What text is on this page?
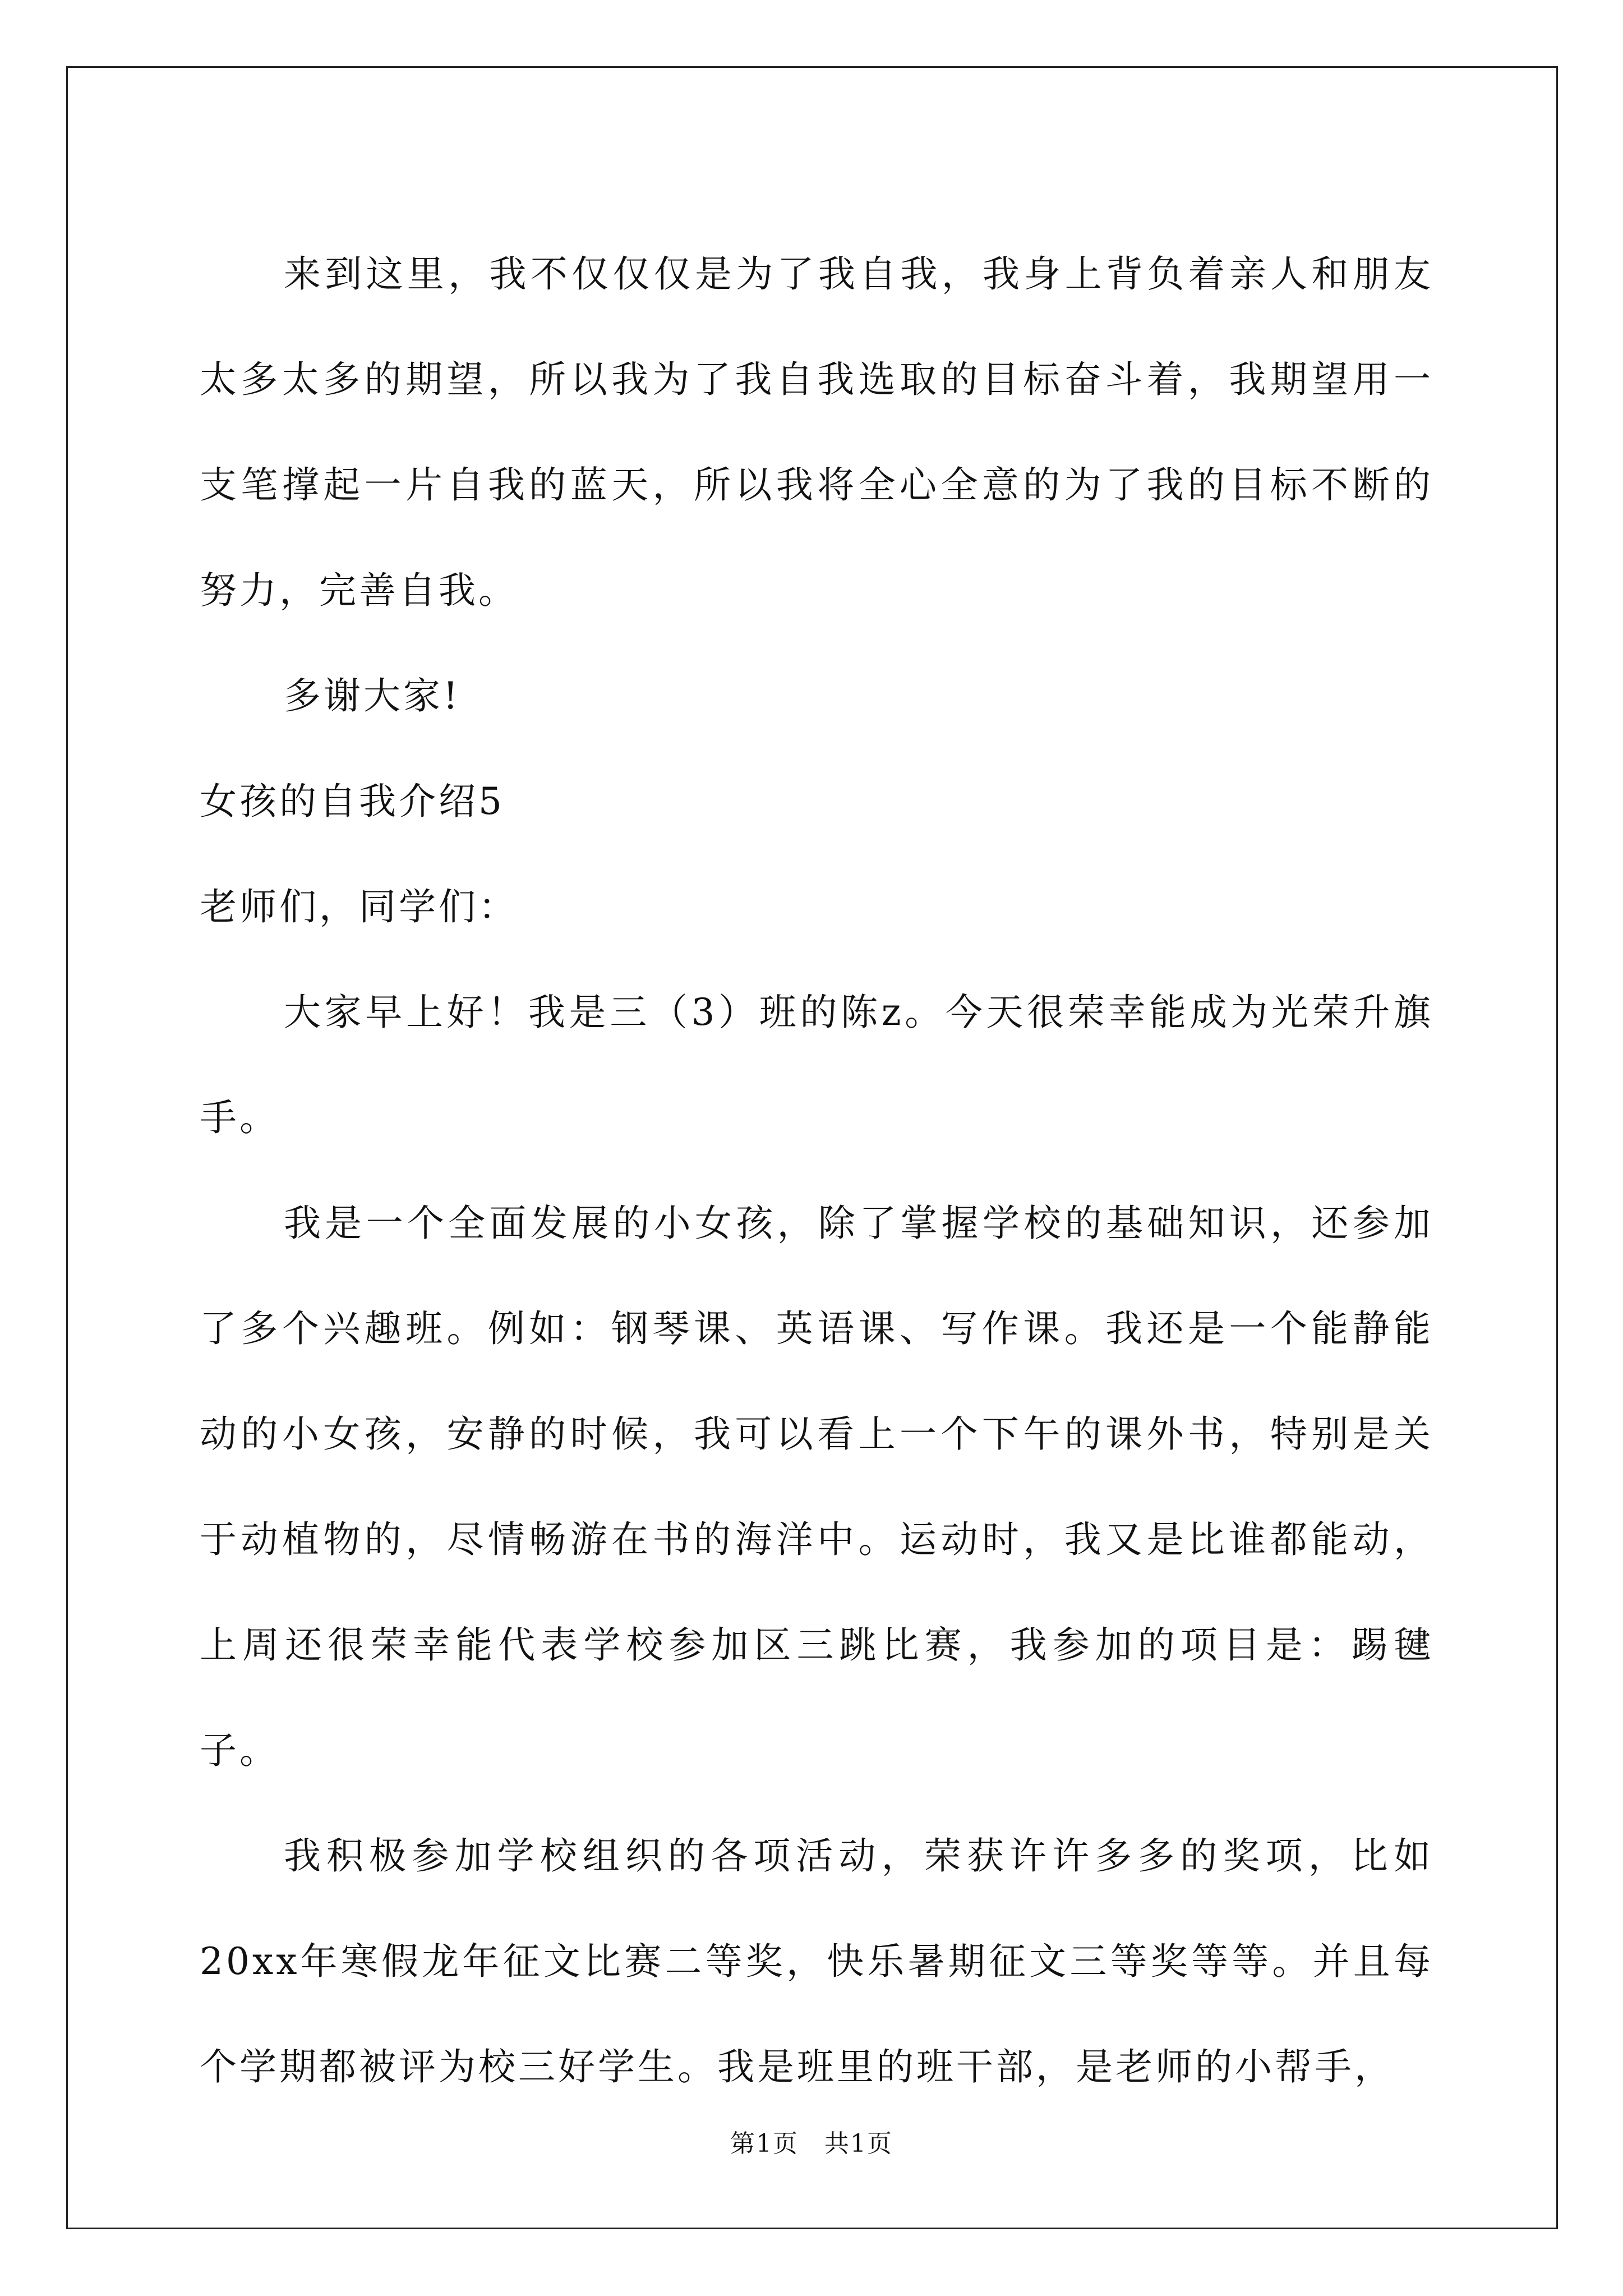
来到这里，我不仅仅仅是为了我自我，我身上背负着亲人和朋友太多太多的期望，所以我为了我自我选取的目标奋斗着，我期望用一支笔撑起一片自我的蓝天，所以我将全心全意的为了我的目标不断的努力，完善自我。

多谢大家!

女孩的自我介绍5

老师们，同学们：

大家早上好！我是三（3）班的陈z。今天很荣幸能成为光荣升旗手。

我是一个全面发展的小女孩，除了掌握学校的基础知识，还参加了多个兴趣班。例如：钢琴课、英语课、写作课。我还是一个能静能动的小女孩，安静的时候，我可以看上一个下午的课外书，特别是关于动植物的，尽情畅游在书的海洋中。运动时，我又是比谁都能动，上周还很荣幸能代表学校参加区三跳比赛，我参加的项目是：踢毽子。

我积极参加学校组织的各项活动，荣获许许多多的奖项，比如20xx年寒假龙年征文比赛二等奖，快乐暑期征文三等奖等等。并且每个学期都被评为校三好学生。我是班里的班干部，是老师的小帮手，

第1页　共1页
